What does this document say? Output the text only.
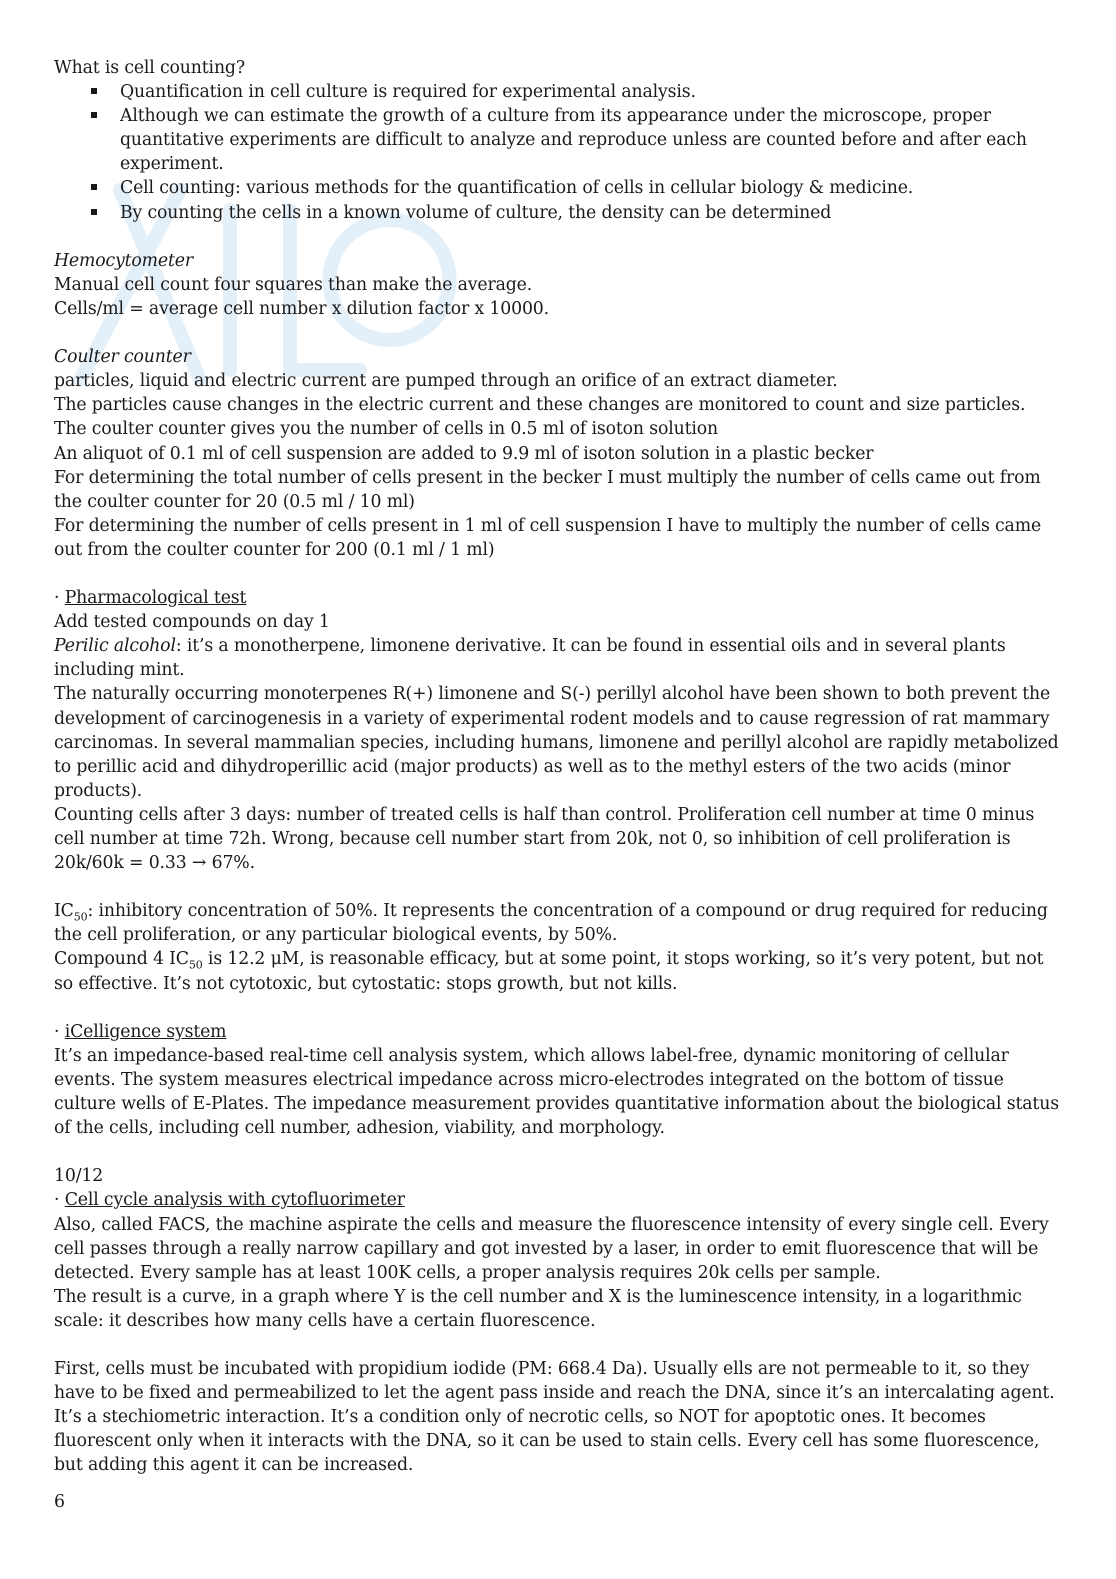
What is cell counting?

Quantification in cell culture is required for experimental analysis.
Although we can estimate the growth of a culture from its appearance under the microscope, proper quantitative experiments are difficult to analyze and reproduce unless are counted before and after each experiment.
Cell counting: various methods for the quantification of cells in cellular biology & medicine.
By counting the cells in a known volume of culture, the density can be determined

Hemocytometer

Manual cell count four squares than make the average.

Cells/ml = average cell number x dilution factor x 10000.

Coulter counter

particles, liquid and electric current are pumped through an orifice of an extract diameter.

The particles cause changes in the electric current and these changes are monitored to count and size particles.

The coulter counter gives you the number of cells in 0.5 ml of isoton solution

An aliquot of 0.1 ml of cell suspension are added to 9.9 ml of isoton solution in a plastic becker

For determining the total number of cells present in the becker I must multiply the number of cells came out from the coulter counter for 20 (0.5 ml / 10 ml)

For determining the number of cells present in 1 ml of cell suspension I have to multiply the number of cells came out from the coulter counter for 200 (0.1 ml / 1 ml)

· Pharmacological test

Add tested compounds on day 1

Perilic alcohol: it’s a monotherpene, limonene derivative. It can be found in essential oils and in several plants including mint.

The naturally occurring monoterpenes R(+) limonene and S(-) perillyl alcohol have been shown to both prevent the development of carcinogenesis in a variety of experimental rodent models and to cause regression of rat mammary carcinomas. In several mammalian species, including humans, limonene and perillyl alcohol are rapidly metabolized to perillic acid and dihydroperillic acid (major products) as well as to the methyl esters of the two acids (minor products).

Counting cells after 3 days: number of treated cells is half than control. Proliferation cell number at time 0 minus cell number at time 72h. Wrong, because cell number start from 20k, not 0, so inhibition of cell proliferation is 20k/60k = 0.33 → 67%.

$IC_{50}$: inhibitory concentration of 50%. It represents the concentration of a compound or drug required for reducing the cell proliferation, or any particular biological events, by 50%.

Compound 4 $IC_{50}$ is 12.2 μM, is reasonable efficacy, but at some point, it stops working, so it’s very potent, but not so effective. It’s not cytotoxic, but cytostatic: stops growth, but not kills.

· iCelligence system

It’s an impedance-based real-time cell analysis system, which allows label-free, dynamic monitoring of cellular events. The system measures electrical impedance across micro-electrodes integrated on the bottom of tissue culture wells of E-Plates. The impedance measurement provides quantitative information about the biological status of the cells, including cell number, adhesion, viability, and morphology.

10/12

· Cell cycle analysis with cytofluorimeter

Also, called FACS, the machine aspirate the cells and measure the fluorescence intensity of every single cell. Every cell passes through a really narrow capillary and got invested by a laser, in order to emit fluorescence that will be detected. Every sample has at least 100K cells, a proper analysis requires 20k cells per sample.

The result is a curve, in a graph where Y is the cell number and X is the luminescence intensity, in a logarithmic scale: it describes how many cells have a certain fluorescence.

First, cells must be incubated with propidium iodide (PM: 668.4 Da). Usually ells are not permeable to it, so they have to be fixed and permeabilized to let the agent pass inside and reach the DNA, since it’s an intercalating agent. It’s a stechiometric interaction. It’s a condition only of necrotic cells, so NOT for apoptotic ones. It becomes fluorescent only when it interacts with the DNA, so it can be used to stain cells. Every cell has some fluorescence, but adding this agent it can be increased.

6
